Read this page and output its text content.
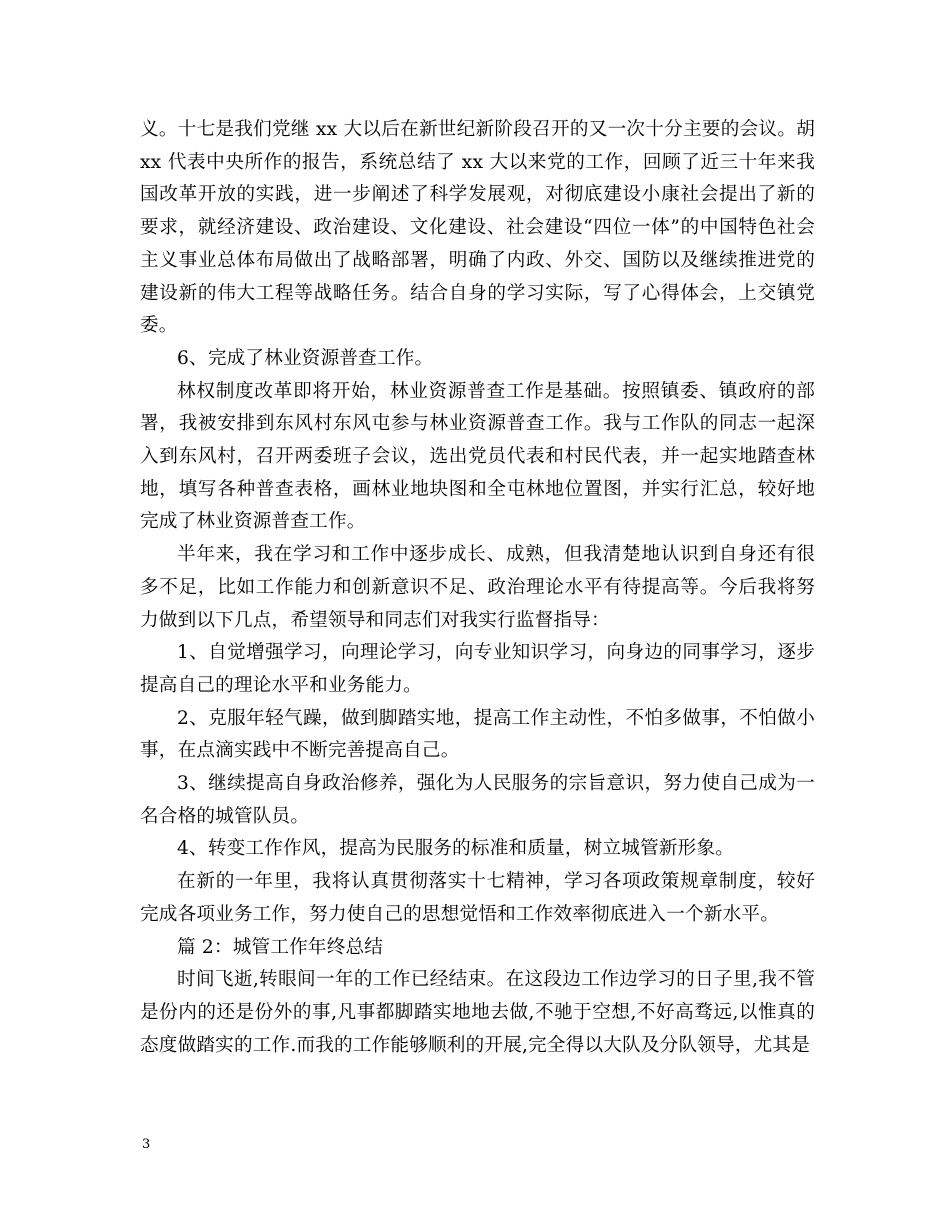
义。十七是我们党继 xx 大以后在新世纪新阶段召开的又一次十分主要的会议。胡 xx 代表中央所作的报告，系统总结了 xx 大以来党的工作，回顾了近三十年来我国改革开放的实践，进一步阐述了科学发展观，对彻底建设小康社会提出了新的要求，就经济建设、政治建设、文化建设、社会建设“四位一体”的中国特色社会主义事业总体布局做出了战略部署，明确了内政、外交、国防以及继续推进党的建设新的伟大工程等战略任务。结合自身的学习实际，写了心得体会，上交镇党委。

6、完成了林业资源普查工作。

林权制度改革即将开始，林业资源普查工作是基础。按照镇委、镇政府的部署，我被安排到东风村东风屯参与林业资源普查工作。我与工作队的同志一起深入到东风村，召开两委班子会议，选出党员代表和村民代表，并一起实地踏查林地，填写各种普查表格，画林业地块图和全屯林地位置图，并实行汇总，较好地完成了林业资源普查工作。

半年来，我在学习和工作中逐步成长、成熟，但我清楚地认识到自身还有很多不足，比如工作能力和创新意识不足、政治理论水平有待提高等。今后我将努力做到以下几点，希望领导和同志们对我实行监督指导：

1、自觉增强学习，向理论学习，向专业知识学习，向身边的同事学习，逐步提高自己的理论水平和业务能力。

2、克服年轻气躁，做到脚踏实地，提高工作主动性，不怕多做事，不怕做小事，在点滴实践中不断完善提高自己。

3、继续提高自身政治修养，强化为人民服务的宗旨意识，努力使自己成为一名合格的城管队员。

4、转变工作作风，提高为民服务的标准和质量，树立城管新形象。

在新的一年里，我将认真贯彻落实十七精神，学习各项政策规章制度，较好完成各项业务工作，努力使自己的思想觉悟和工作效率彻底进入一个新水平。

篇 2：城管工作年终总结

时间飞逝,转眼间一年的工作已经结束。在这段边工作边学习的日子里,我不管是份内的还是份外的事,凡事都脚踏实地地去做,不驰于空想,不好高骛远,以惟真的态度做踏实的工作.而我的工作能够顺利的开展,完全得以大队及分队领导，尤其是

3
